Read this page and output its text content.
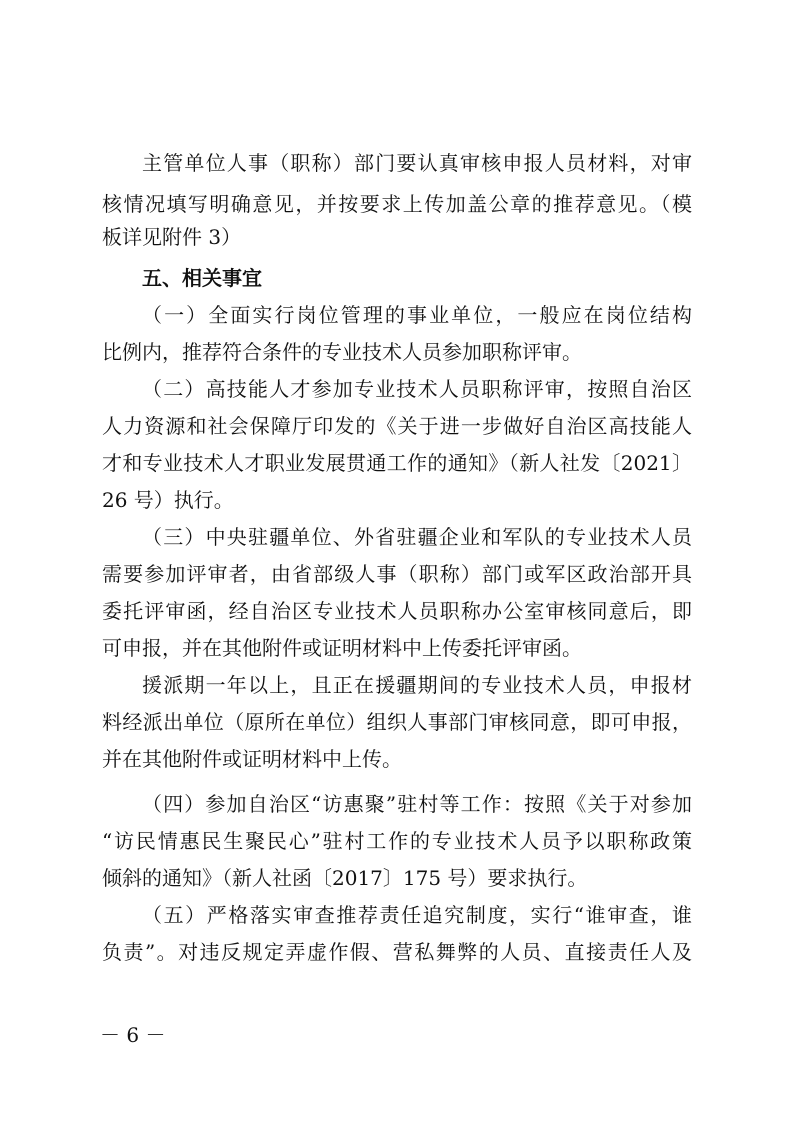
主管单位人事（职称）部门要认真审核申报人员材料，对审
核情况填写明确意见，并按要求上传加盖公章的推荐意见。（模
板详见附件 3）
五、相关事宜
（一）全面实行岗位管理的事业单位，一般应在岗位结构
比例内，推荐符合条件的专业技术人员参加职称评审。
（二）高技能人才参加专业技术人员职称评审，按照自治区
人力资源和社会保障厅印发的《关于进一步做好自治区高技能人
才和专业技术人才职业发展贯通工作的通知》（新人社发〔2021〕
26 号）执行。
（三）中央驻疆单位、外省驻疆企业和军队的专业技术人员
需要参加评审者，由省部级人事（职称）部门或军区政治部开具
委托评审函，经自治区专业技术人员职称办公室审核同意后，即
可申报，并在其他附件或证明材料中上传委托评审函。
援派期一年以上，且正在援疆期间的专业技术人员，申报材
料经派出单位（原所在单位）组织人事部门审核同意，即可申报，
并在其他附件或证明材料中上传。
（四）参加自治区“访惠聚”驻村等工作：按照《关于对参加
“访民情惠民生聚民心”驻村工作的专业技术人员予以职称政策
倾斜的通知》（新人社函〔2017〕175 号）要求执行。
（五）严格落实审查推荐责任追究制度，实行“谁审查，谁
负责”。对违反规定弄虚作假、营私舞弊的人员、直接责任人及
－ 6 －
